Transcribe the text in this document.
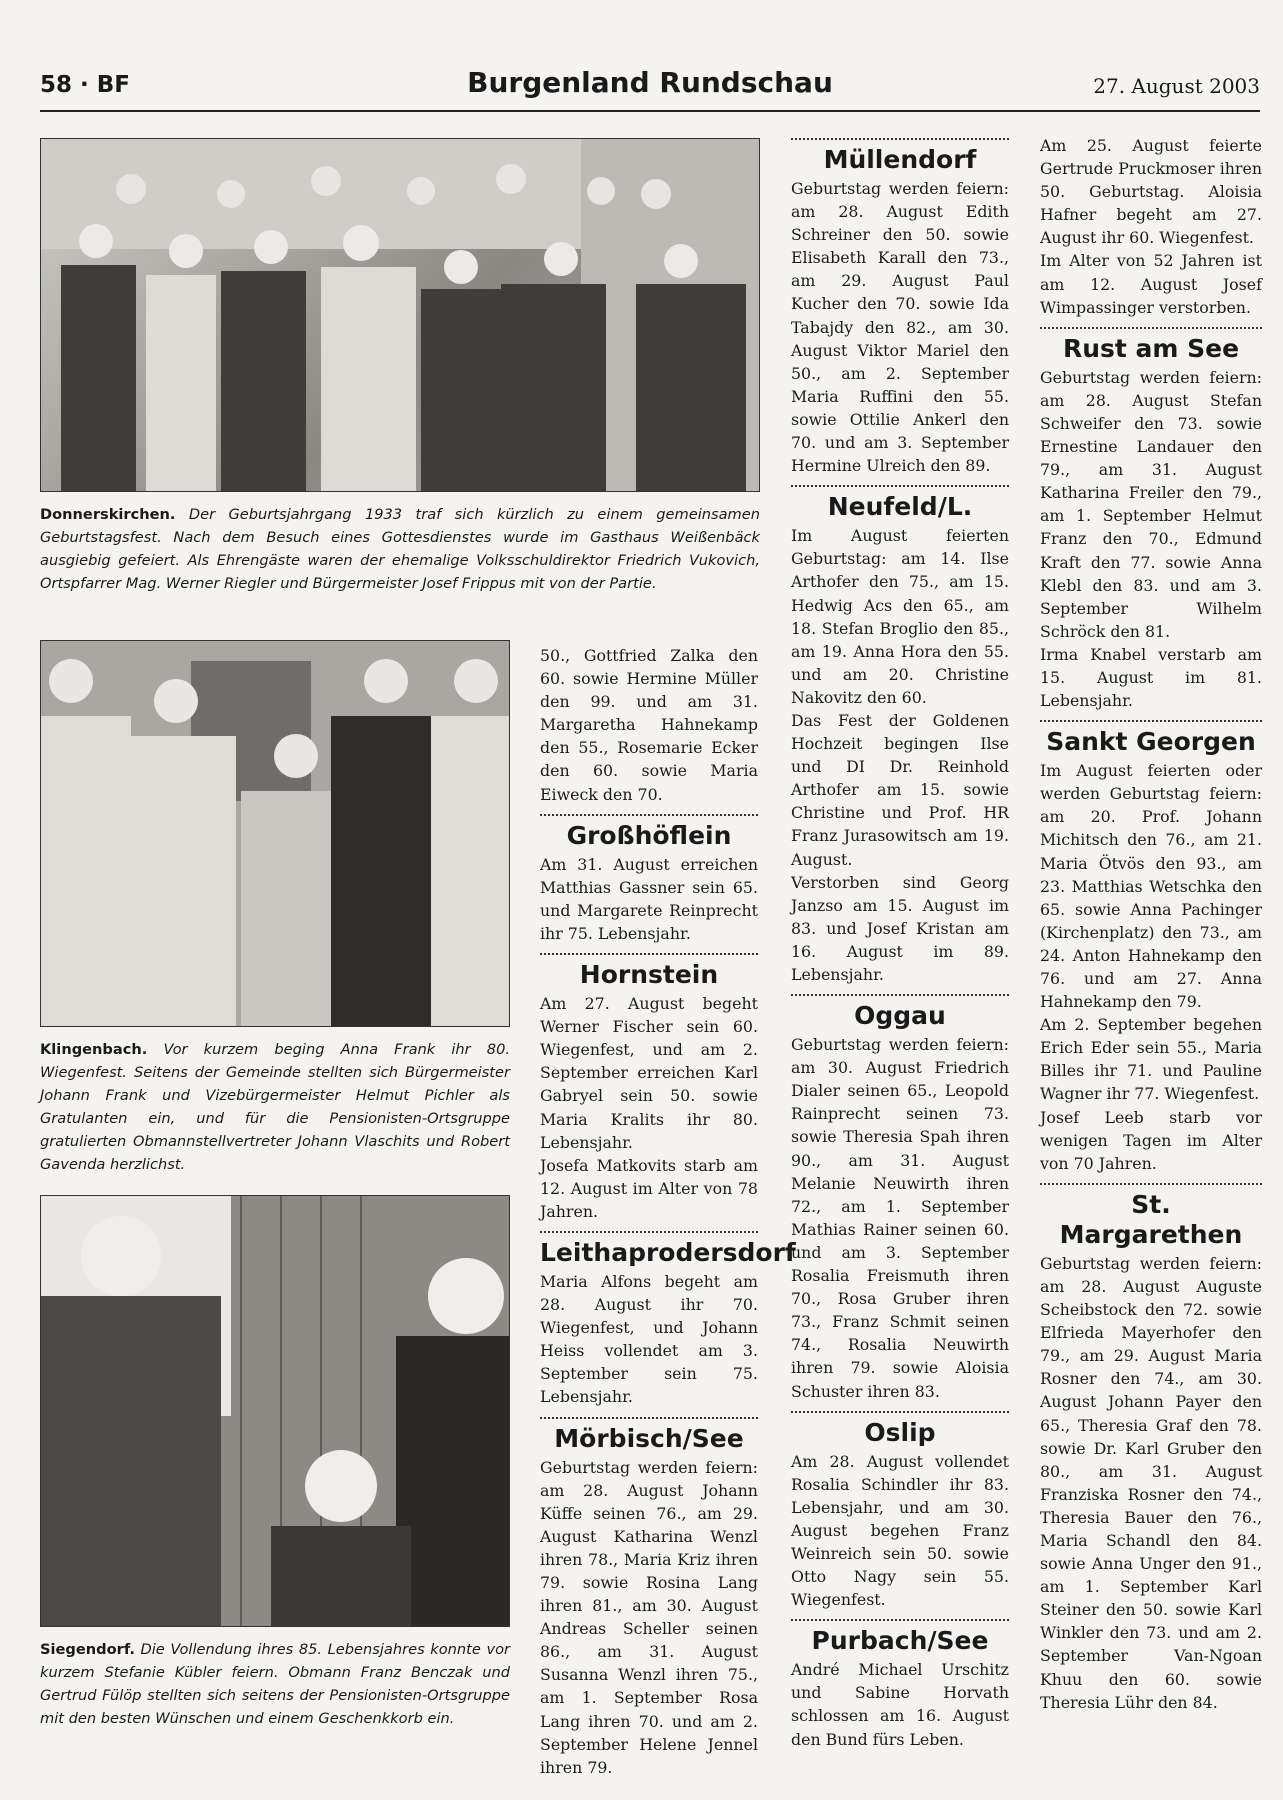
58 · BF	Burgenland Rundschau	27. August 2003
Donnerskirchen. Der Geburtsjahrgang 1933 traf sich kürzlich zu einem gemeinsamen Geburtstagsfest. Nach dem Besuch eines Gottesdienstes wurde im Gasthaus Weißenbäck ausgiebig gefeiert. Als Ehrengäste waren der ehemalige Volksschuldirektor Friedrich Vukovich, Ortspfarrer Mag. Werner Riegler und Bürgermeister Josef Frippus mit von der Partie.
Klingenbach. Vor kurzem beging Anna Frank ihr 80. Wiegenfest. Seitens der Gemeinde stellten sich Bürgermeister Johann Frank und Vizebürgermeister Helmut Pichler als Gratulanten ein, und für die Pensionisten-Ortsgruppe gratulierten Obmannstellvertreter Johann Vlaschits und Robert Gavenda herzlichst.
Siegendorf. Die Vollendung ihres 85. Lebensjahres konnte vor kurzem Stefanie Kübler feiern. Obmann Franz Benczak und Gertrud Fülöp stellten sich seitens der Pensionisten-Ortsgruppe mit den besten Wünschen und einem Geschenkkorb ein.

50., Gottfried Zalka den 60. sowie Hermine Müller den 99. und am 31. Margaretha Hahnekamp den 55., Rosemarie Ecker den 60. sowie Maria Eiweck den 70.

Großhöflein

Am 31. August erreichen Matthias Gassner sein 65. und Margarete Reinprecht ihr 75. Lebensjahr.

Hornstein

Am 27. August begeht Werner Fischer sein 60. Wiegenfest, und am 2. September erreichen Karl Gabryel sein 50. sowie Maria Kralits ihr 80. Lebensjahr.

Josefa Matkovits starb am 12. August im Alter von 78 Jahren.

Leithaprodersdorf

Maria Alfons begeht am 28. August ihr 70. Wiegenfest, und Johann Heiss vollendet am 3. September sein 75. Lebensjahr.

Mörbisch/See

Geburtstag werden feiern: am 28. August Johann Küffe seinen 76., am 29. August Katharina Wenzl ihren 78., Maria Kriz ihren 79. sowie Rosina Lang ihren 81., am 30. August Andreas Scheller seinen 86., am 31. August Susanna Wenzl ihren 75., am 1. September Rosa Lang ihren 70. und am 2. September Helene Jennel ihren 79.

Müllendorf

Geburtstag werden feiern: am 28. August Edith Schreiner den 50. sowie Elisabeth Karall den 73., am 29. August Paul Kucher den 70. sowie Ida Tabajdy den 82., am 30. August Viktor Mariel den 50., am 2. September Maria Ruffini den 55. sowie Ottilie Ankerl den 70. und am 3. September Hermine Ulreich den 89.

Neufeld/L.

Im August feierten Geburtstag: am 14. Ilse Arthofer den 75., am 15. Hedwig Acs den 65., am 18. Stefan Broglio den 85., am 19. Anna Hora den 55. und am 20. Christine Nakovitz den 60.

Das Fest der Goldenen Hochzeit begingen Ilse und DI Dr. Reinhold Arthofer am 15. sowie Christine und Prof. HR Franz Jurasowitsch am 19. August.

Verstorben sind Georg Janzso am 15. August im 83. und Josef Kristan am 16. August im 89. Lebensjahr.

Oggau

Geburtstag werden feiern: am 30. August Friedrich Dialer seinen 65., Leopold Rainprecht seinen 73. sowie Theresia Spah ihren 90., am 31. August Melanie Neuwirth ihren 72., am 1. September Mathias Rainer seinen 60. und am 3. September Rosalia Freismuth ihren 70., Rosa Gruber ihren 73., Franz Schmit seinen 74., Rosalia Neuwirth ihren 79. sowie Aloisia Schuster ihren 83.

Oslip

Am 28. August vollendet Rosalia Schindler ihr 83. Lebensjahr, und am 30. August begehen Franz Weinreich sein 50. sowie Otto Nagy sein 55. Wiegenfest.

Purbach/See

André Michael Urschitz und Sabine Horvath schlossen am 16. August den Bund fürs Leben.

Am 25. August feierte Gertrude Pruckmoser ihren 50. Geburtstag. Aloisia Hafner begeht am 27. August ihr 60. Wiegenfest.

Im Alter von 52 Jahren ist am 12. August Josef Wimpassinger verstorben.

Rust am See

Geburtstag werden feiern: am 28. August Stefan Schweifer den 73. sowie Ernestine Landauer den 79., am 31. August Katharina Freiler den 79., am 1. September Helmut Franz den 70., Edmund Kraft den 77. sowie Anna Klebl den 83. und am 3. September Wilhelm Schröck den 81.

Irma Knabel verstarb am 15. August im 81. Lebensjahr.

Sankt Georgen

Im August feierten oder werden Geburtstag feiern: am 20. Prof. Johann Michitsch den 76., am 21. Maria Ötvös den 93., am 23. Matthias Wetschka den 65. sowie Anna Pachinger (Kirchenplatz) den 73., am 24. Anton Hahnekamp den 76. und am 27. Anna Hahnekamp den 79.

Am 2. September begehen Erich Eder sein 55., Maria Billes ihr 71. und Pauline Wagner ihr 77. Wiegenfest.

Josef Leeb starb vor wenigen Tagen im Alter von 70 Jahren.

St. Margarethen

Geburtstag werden feiern: am 28. August Auguste Scheibstock den 72. sowie Elfrieda Mayerhofer den 79., am 29. August Maria Rosner den 74., am 30. August Johann Payer den 65., Theresia Graf den 78. sowie Dr. Karl Gruber den 80., am 31. August Franziska Rosner den 74., Theresia Bauer den 76., Maria Schandl den 84. sowie Anna Unger den 91., am 1. September Karl Steiner den 50. sowie Karl Winkler den 73. und am 2. September Van-Ngoan Khuu den 60. sowie Theresia Lühr den 84.
